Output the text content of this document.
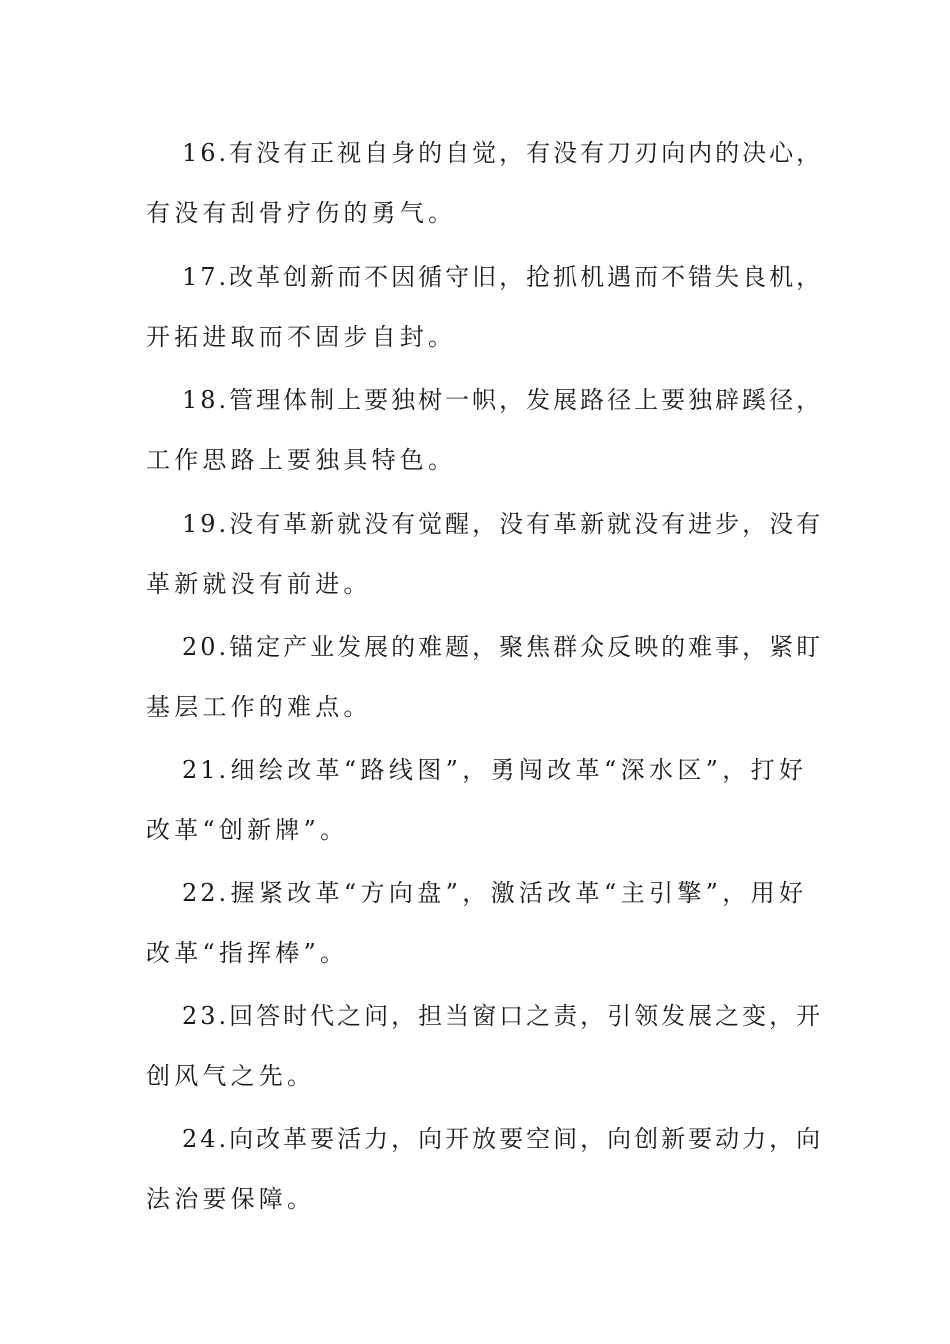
16.有没有正视自身的自觉，有没有刀刃向内的决心，
有没有刮骨疗伤的勇气。
17.改革创新而不因循守旧，抢抓机遇而不错失良机，
开拓进取而不固步自封。
18.管理体制上要独树一帜，发展路径上要独辟蹊径，
工作思路上要独具特色。
19.没有革新就没有觉醒，没有革新就没有进步，没有
革新就没有前进。
20.锚定产业发展的难题，聚焦群众反映的难事，紧盯
基层工作的难点。
21.细绘改革“路线图”，勇闯改革“深水区”，打好
改革“创新牌”。
22.握紧改革“方向盘”，激活改革“主引擎”，用好
改革“指挥棒”。
23.回答时代之问，担当窗口之责，引领发展之变，开
创风气之先。
24.向改革要活力，向开放要空间，向创新要动力，向
法治要保障。
